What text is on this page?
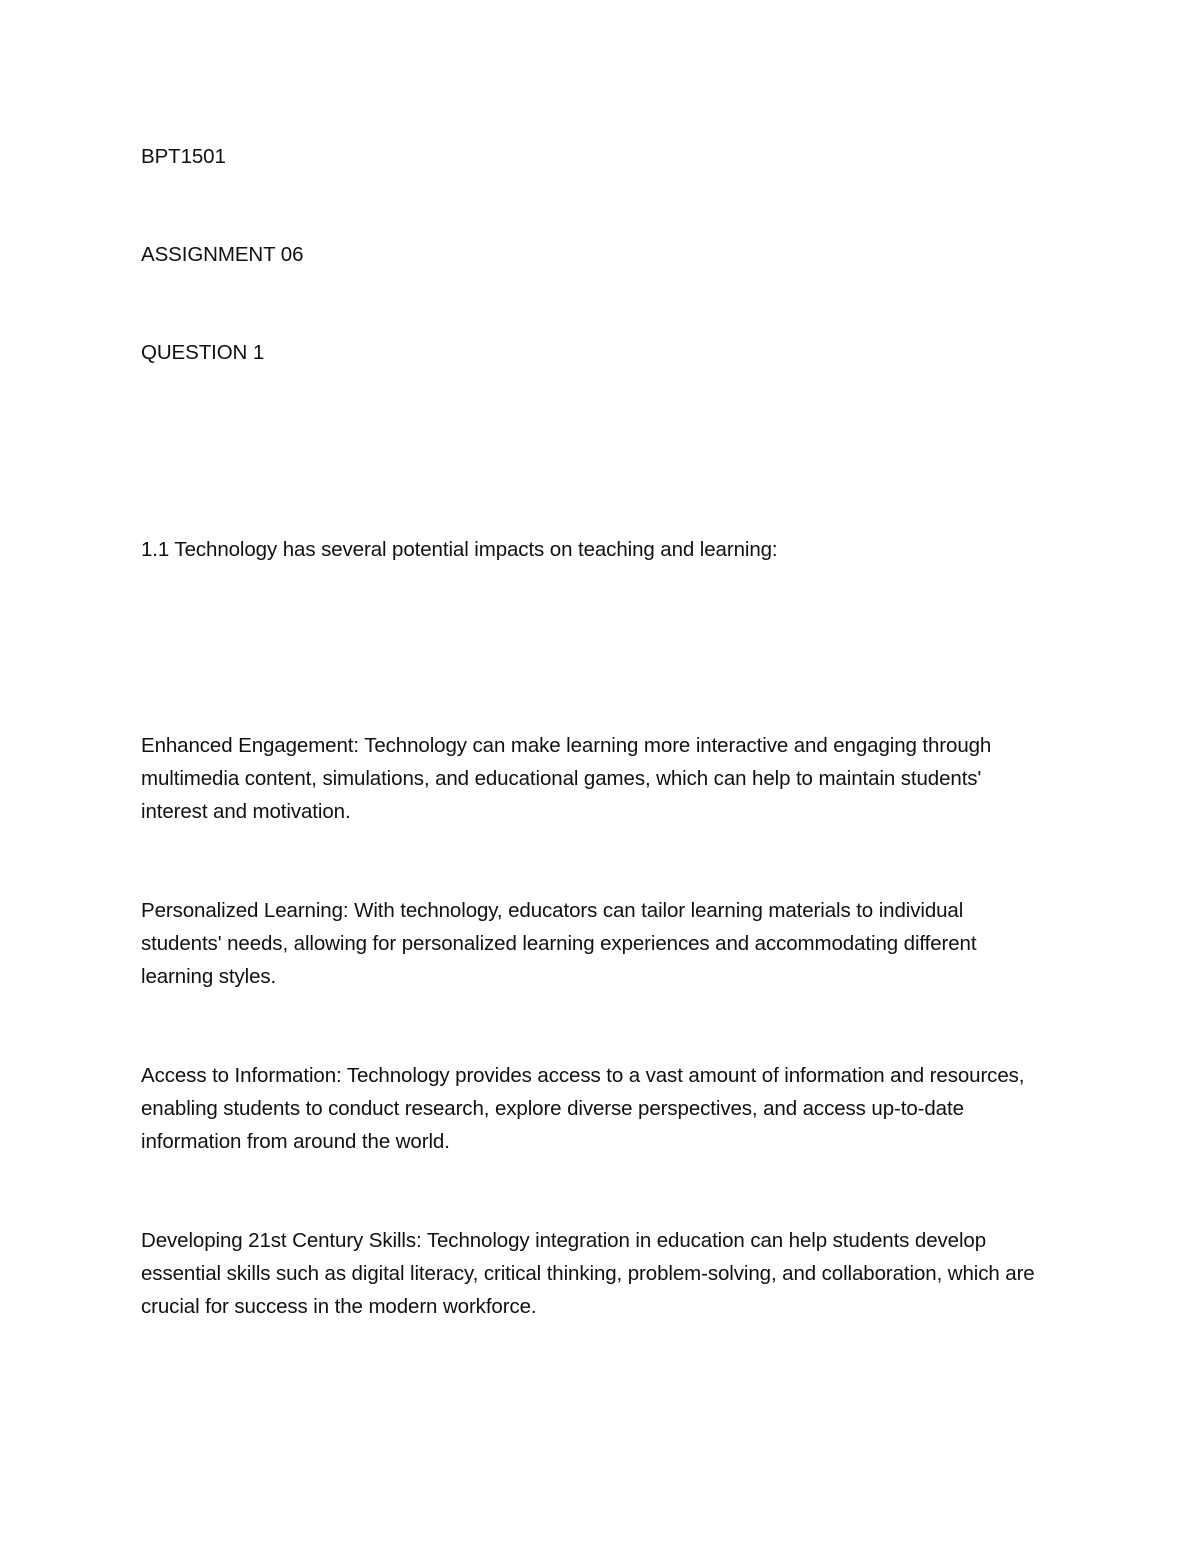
BPT1501

ASSIGNMENT 06

QUESTION 1

1.1 Technology has several potential impacts on teaching and learning:

Enhanced Engagement: Technology can make learning more interactive and engaging through multimedia content, simulations, and educational games, which can help to maintain students' interest and motivation.

Personalized Learning: With technology, educators can tailor learning materials to individual students' needs, allowing for personalized learning experiences and accommodating different learning styles.

Access to Information: Technology provides access to a vast amount of information and resources, enabling students to conduct research, explore diverse perspectives, and access up-to-date information from around the world.

Developing 21st Century Skills: Technology integration in education can help students develop essential skills such as digital literacy, critical thinking, problem-solving, and collaboration, which are crucial for success in the modern workforce.
